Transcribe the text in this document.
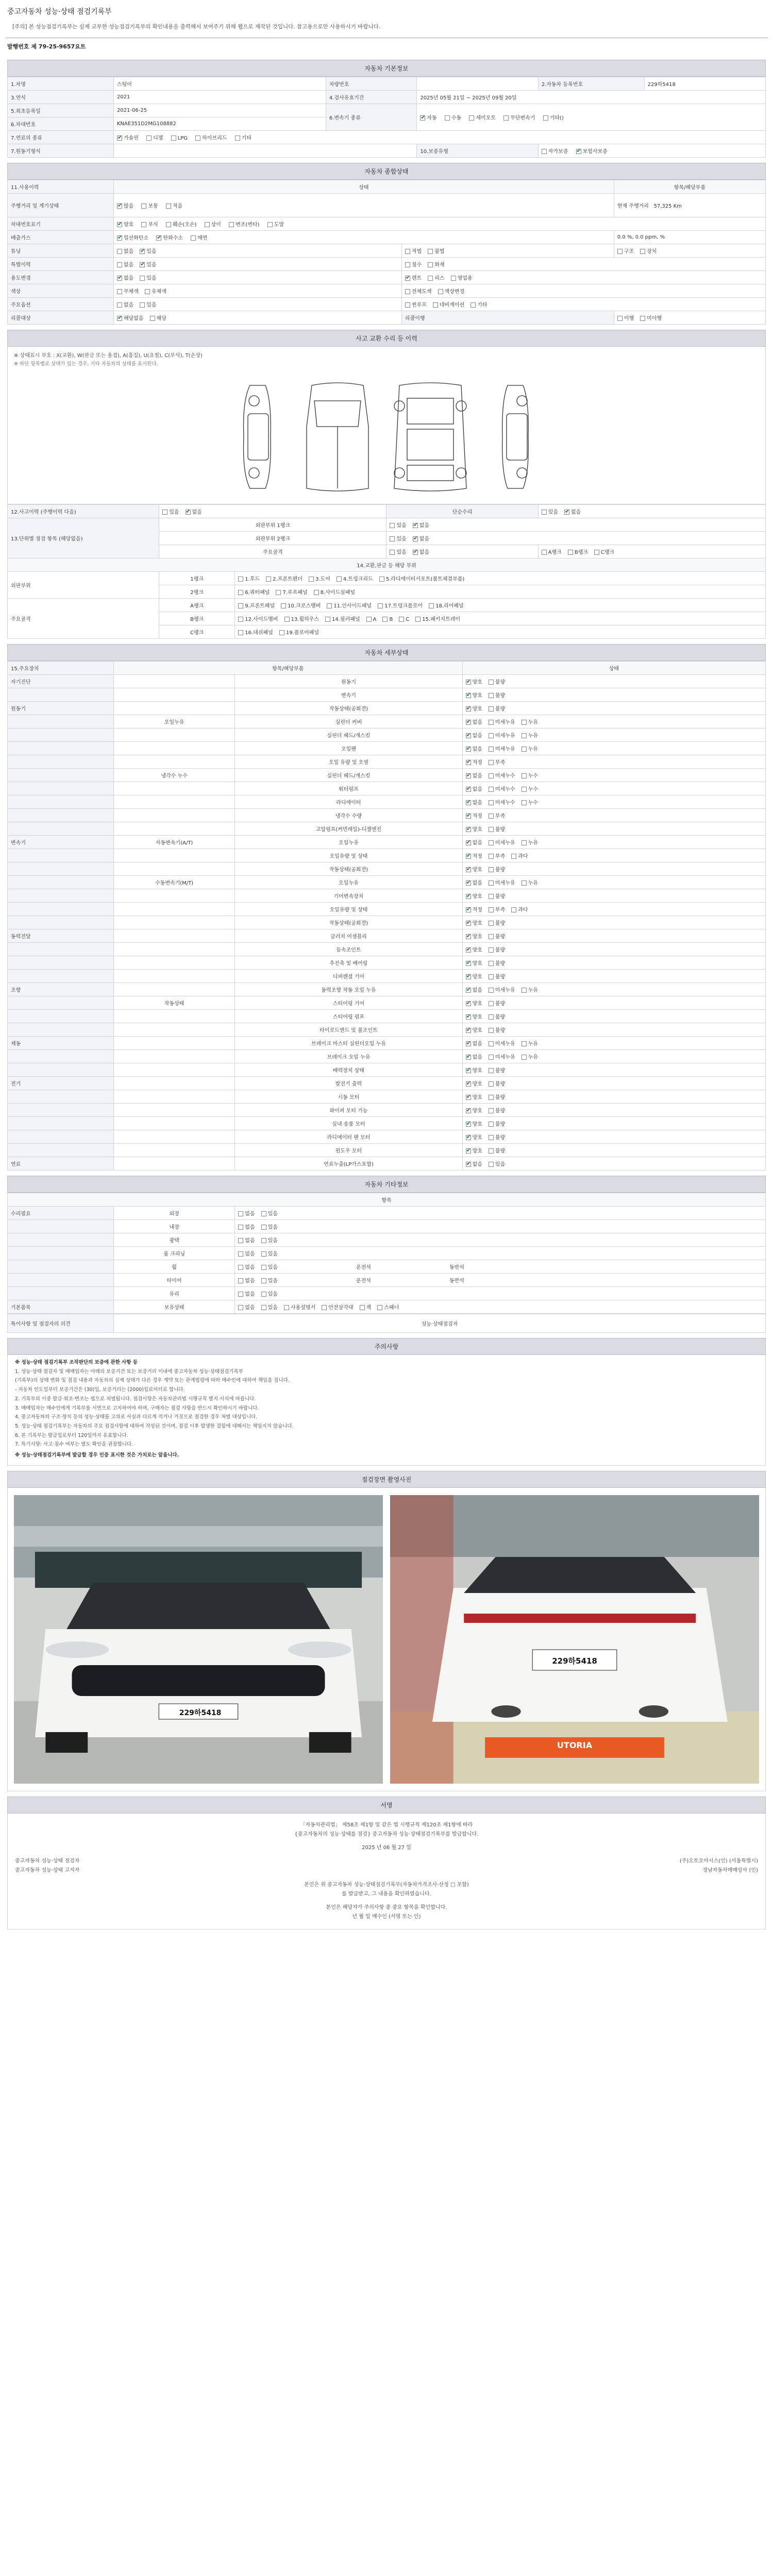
중고자동차 성능·상태 점검기록부
[주의] 본 성능점검기록부는 실제 교부한 성능점검기록부의 확인내용을 출력해서 보여주기 위해 웹으로 제작된 것입니다. 참고용으로만 사용하시기 바랍니다.
발행번호 제 79-25-9657요트
자동차 기본정보
1.차명	스팅어	차량번호		2.자동차 등록번호	229하5418
3.연식	2021	4.검사유효기간	2025년 05월 21일 ~ 2025년 09월 20일		
5.최초등록일	2021-06-25	6.변속기 종류	✔자동 수동 세미오토 무단변속기 기타()
6.차대번호	KNAE351D2MG108882				
7.연료의 종류	✔가솔린 디젤 LPG 하이브리드 기타
7.원동기형식			10.보증유형	자가보증 ✔ 보험사보증
자동차 종합상태
11.사용이력	상태		항목/해당부품
주행거리 및 계기상태	✔많음 보통 적음		현재 주행거리 57,325 Km
차대번호표기	✔양호 부식 훼손(오손) 상이 변조(변타) 도말
배출가스	✔일산화탄소 ✔ 탄화수소 매연		0.0 %, 0.0 ppm, %
튜닝	없음 ✔ 있음	적법 불법	구조 장치
특별이력	없음 ✔ 있음	침수 화재	
용도변경	✔없음 있음	✔렌트 리스 영업용
색상	무채색 유채색	전체도색 색상변경	
주요옵션	없음 있음	썬루프 네비게이션 기타	
리콜대상	✔해당없음 해당	리콜이행	이행 미이행
사고 교환 수리 등 이력
※ 상태표시 부호 : X(교환), W(판금 또는 용접), A(흠집), U(요철), C(부식), T(손상)
※ 하단 항목별로 상태가 있는 경우, 기타 자동차의 상태를 표시한다.
12.사고이력 (주행이력 다음)	있음 ✔ 없음		단순수리	있음 ✔ 없음
13.단위별 점검 항목 (해당없음)	외판부위 1랭크		있음 ✔ 없음
	외판부위 2랭크		있음 ✔ 없음
	주요골격		있음 ✔ 없음	A랭크 B랭크 C랭크
14.교환,판금 등 해당 부위				
외판부위	1랭크	1.후드 2.프론트펜더 3.도어 4.트렁크리드 5.라디에이터서포트(볼트체결부품)		
	2랭크	6.쿼터패널 7.루프패널 8.사이드실패널		
주요골격	A랭크	9.프론트패널 10.크로스멤버 11.인사이드패널 17.트렁크플로어 18.리어패널		
	B랭크	12.사이드멤버 13.휠하우스 14.필러패널 A B C 15.패키지트레이		
	C랭크	16.대쉬패널 19.플로어패널		
자동차 세부상태
15.주요장치	항목/해당부품		상태
자기진단		원동기	✔양호 불량
		변속기	✔양호 불량
원동기		작동상태(공회전)	✔양호 불량
	오일누유	실린더 커버	✔없음 미세누유 누유
		실린더 헤드/개스킷	✔없음 미세누유 누유
		오일팬	✔없음 미세누유 누유
		오일 유량 및 오염	✔적정 부족
	냉각수 누수	실린더 헤드/개스킷	✔없음 미세누수 누수
		워터펌프	✔없음 미세누수 누수
		라디에이터	✔없음 미세누수 누수
		냉각수 수량	✔적정 부족
		고압펌프(커먼레일)-디젤엔진	✔양호 불량
변속기	자동변속기(A/T)	오일누유	✔없음 미세누유 누유
		오일유량 및 상태	✔적정 부족 과다
		작동상태(공회전)	✔양호 불량
	수동변속기(M/T)	오일누유	✔없음 미세누유 누유
		기어변속장치	✔양호 불량
		오일유량 및 상태	✔적정 부족 과다
		작동상태(공회전)	✔양호 불량
동력전달		클러치 어셈블리	✔양호 불량
		등속조인트	✔양호 불량
		추진축 및 베어링	✔양호 불량
		디퍼렌셜 기어	✔양호 불량
조향		동력조향 작동 오일 누유	✔없음 미세누유 누유
	작동상태	스티어링 기어	✔양호 불량
		스티어링 펌프	✔양호 불량
		타이로드엔드 및 볼조인트	✔양호 불량
제동		브레이크 마스터 실린더오일 누유	✔없음 미세누유 누유
		브레이크 오일 누유	✔없음 미세누유 누유
		배력장치 상태	✔양호 불량
전기		발전기 출력	✔양호 불량
		시동 모터	✔양호 불량
		와이퍼 모터 기능	✔양호 불량
		실내 송풍 모터	✔양호 불량
		라디에이터 팬 모터	✔양호 불량
		윈도우 모터	✔양호 불량
연료		연료누출(LP가스포함)	✔없음 있음
자동차 기타정보
항목		
수리필요	외장	없음 있음
	내장	없음 있음
	광택	없음 있음
	룸 크리닝	없음 있음
	휠	없음 있음 운전석 동반석
	타이어	없음 있음 운전석 동반석
	유리	없음 있음
기본품목	보유상태	없음 있음 사용설명서 안전삼각대 잭 스패너
특이사항 및 점검자의 의견	성능·상태점검자
주의사항

※ 성능·상태 점검기록부 조작판단의 보증에 관한 사항 등

1. 성능·상태 점검자 및 매매업자는 아래의 보증기간 또는 보증거리 이내에 중고자동차 성능·상태점검기록부

(기록부)의 상태 변화 및 점검 내용과 자동차의 실제 상태가 다른 경우 계약 또는 관계법령에 따라 매수인에 대하여 책임을 집니다.

- 자동차 인도일부터 보증기간은 (30)일, 보증거리는 (2000)킬로미터로 합니다.

2. 기록부의 이중 발급·위조·변조는 법으로 처벌됩니다. 점검사항은 자동차관리법 시행규칙 별지 서식에 따릅니다.

3. 매매업자는 매수인에게 기록부를 서면으로 고지하여야 하며, 구매자는 점검 사항을 반드시 확인하시기 바랍니다.

4. 중고자동차의 구조·장치 등의 성능·상태를 고의로 사실과 다르게 적거나 거짓으로 점검한 경우 처벌 대상입니다.

5. 성능·상태 점검기록부는 자동차의 주요 점검사항에 대하여 작성된 것이며, 점검 이후 발생한 결함에 대해서는 책임지지 않습니다.

6. 본 기록부는 발급일로부터 120일까지 유효합니다.

7. 특기사항: 사고·침수 여부는 별도 확인을 권장합니다.

※ 성능·상태점검기록부에 발급할 경우 인증 표시한 것은 가치로는 앞을니다.

점검장면 촬영사진
229하5418
229하5418
UTORIA
서명
「자동차관리법」 제58조 제1항 및 같은 법 시행규칙 제120조 제1항에 따라
{중고자동차의 성능·상태를 점검} 중고자동차 성능·상태점검기록부를 발급합니다.
2025 년 06 월 27 일
중고자동차 성능·상태 점검자	(주)오토오아시스(인) (서울특별시)
중고자동차 성능·상태 고지자	경남자동차매매상사 (인)
본인은 위 중고자동차 성능·상태점검기록부(자동차가격조사·산정 □ 포함)
를 발급받고, 그 내용을 확인하였습니다.
본인은 해당자가 주의사항 중 중요 항목을 확인합니다.
년 월 일 매수인 (서명 또는 인)
